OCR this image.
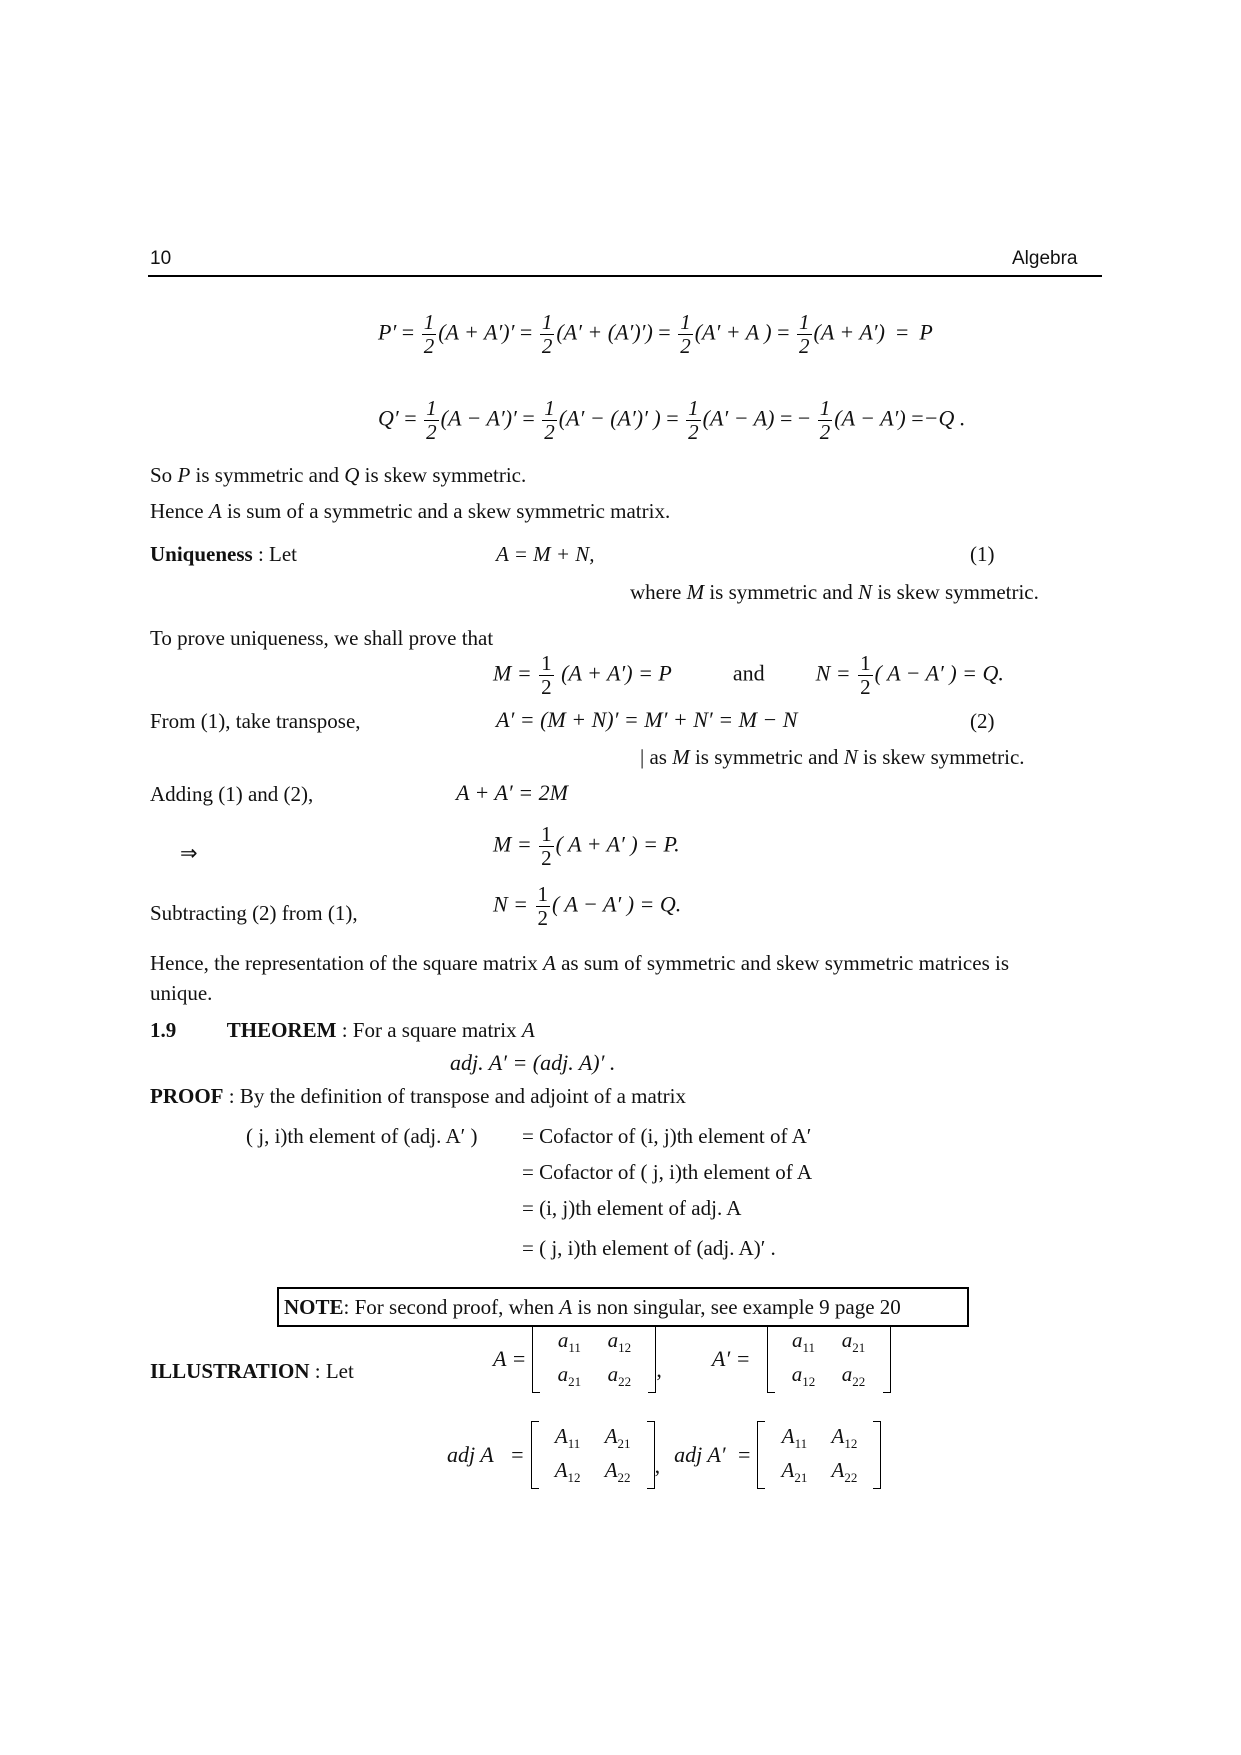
10	Algebra
$P' = \frac{1}{2} (A + A')' = \frac{1}{2} (A' + (A')') = \frac{1}{2} (A' + A$ ) = $\frac{1}{2} (A + A') = P$
$Q' = \frac{1}{2} (A - A')' = \frac{1}{2} (A' - (A')'$ ) = $\frac{1}{2} (A' - A)$ = − $\frac{1}{2} (A - A') =-Q$ .
So P is symmetric and Q is skew symmetric.
Hence A is sum of a symmetric and a skew symmetric matrix.
Uniqueness : Let	A = M + N,	(1)
where M is symmetric and N is skew symmetric.
To prove uniqueness, we shall prove that
$M = \frac{1}{2} (A + A') = P$	and $N = \frac{1}{2}$ ( A − A′ ) = Q.
From (1), take transpose,	A′ = (M + N)′ = M′ + N′ = M − N	(2)
| as M is symmetric and N is skew symmetric.
Adding (1) and (2),	A + A′ = 2M
⇒	$M = \frac{1}{2}$ ( A + A′ ) = P.
Subtracting (2) from (1),	$N = \frac{1}{2}$ ( A − A′ ) = Q.
Hence, the representation of the square matrix A as sum of symmetric and skew symmetric matrices is
unique.
1.9 THEOREM : For a square matrix A
adj. A′ = (adj. A)′ .
PROOF : By the definition of transpose and adjoint of a matrix
( j, i)th element of (adj. A′ ) = Cofactor of (i, j)th element of A′
= Cofactor of ( j, i)th element of A
= (i, j)th element of adj. A
= ( j, i)th element of (adj. A)′ .
NOTE: For second proof, when A is non singular, see example 9 page 20
ILLUSTRATION : Let	A =
$a_{11}$ $a_{12}$
$a_{21}$ $a_{22}$ , A′ =
$a_{11}$ $a_{21}$
$a_{12}$ $a_{22}$
adj A   =
$A_{11}$ $A_{21}$
$A_{12}$ $A_{22}$ , adj A′  =
$A_{11}$ $A_{12}$
$A_{21}$ $A_{22}$
